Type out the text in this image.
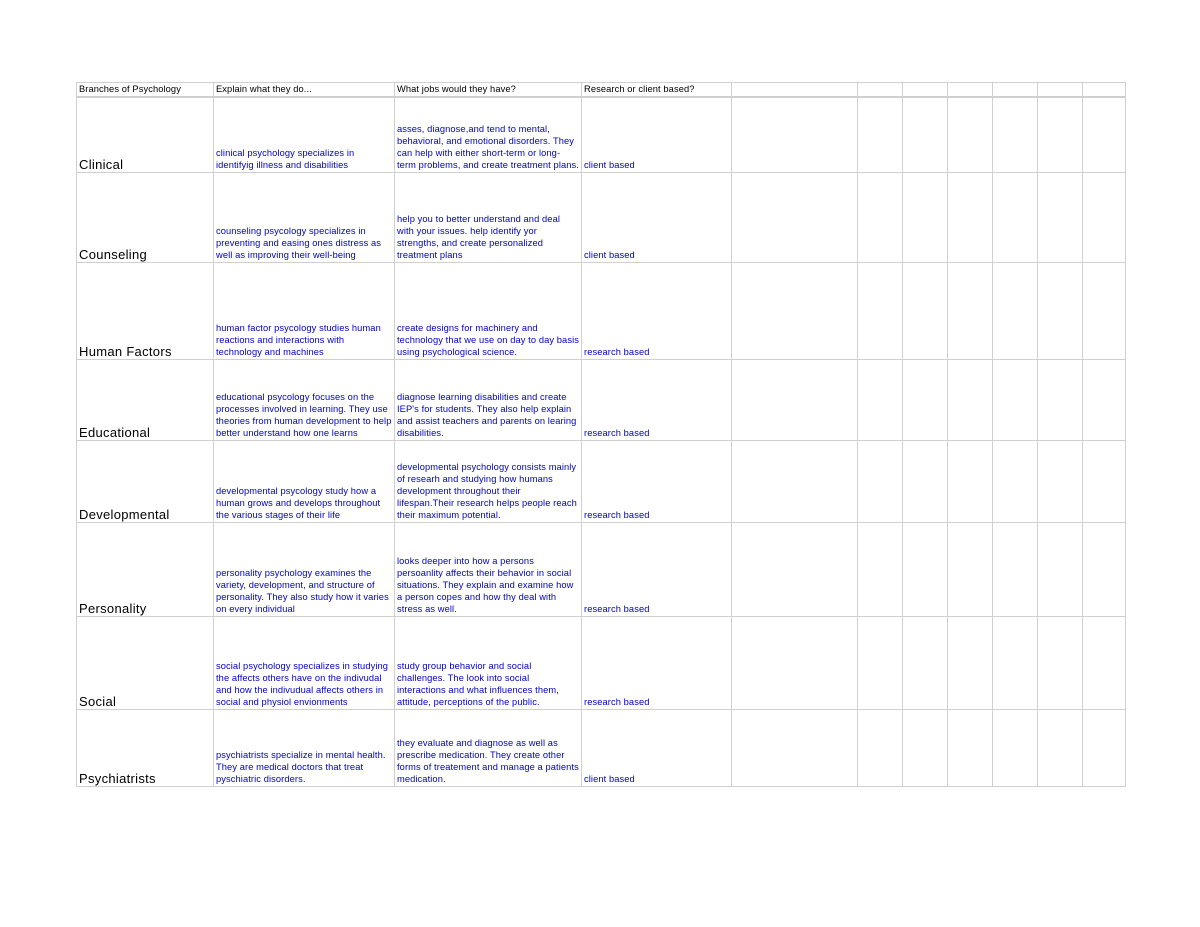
Branches of Psychology	Explain what they do...	What jobs would they have?	Research or client based?							
Clinical	clinical psychology specializes in identifyig illness and disabilities	asses, diagnose,and tend to mental, behavioral, and emotional disorders. They can help with either short-term or long-term problems, and create treatment plans.	client based							
Counseling	counseling psycology specializes in preventing and easing ones distress as well as improving their well-being	help you to better understand and deal with your issues. help identify yor strengths, and create personalized treatment plans	client based							
Human Factors	human factor psycology studies human reactions and interactions with technology and machines	create designs for machinery and technology that we use on day to day basis using psychological science.	research based							
Educational	educational psycology focuses on the processes involved in learning. They use theories from human development to help better understand how one learns	diagnose learning disabilities and create IEP's for students. They also help explain and assist teachers and parents on learing disabilities.	research based							
Developmental	developmental psycology study how a human grows and develops throughout the various stages of their life	developmental psychology consists mainly of researh and studying how humans development throughout their lifespan.Their research helps people reach their maximum potential.	research based							
Personality	personality psychology examines the variety, development, and structure of personality. They also study how it varies on every individual	looks deeper into how a persons persoanlity affects their behavior in social situations. They explain and examine how a person copes and how thy deal with stress as well.	research based							
Social	social psychology specializes in studying the affects others have on the indivudal and how the indivudual affects others in social and physiol envionments	study group behavior and social challenges. The look into social interactions and what influences them, attitude, perceptions of the public.	research based							
Psychiatrists	psychiatrists specialize in mental health. They are medical doctors that treat pyschiatric disorders.	they evaluate and diagnose as well as prescribe medication. They create other forms of treatement and manage a patients medication.	client based							
